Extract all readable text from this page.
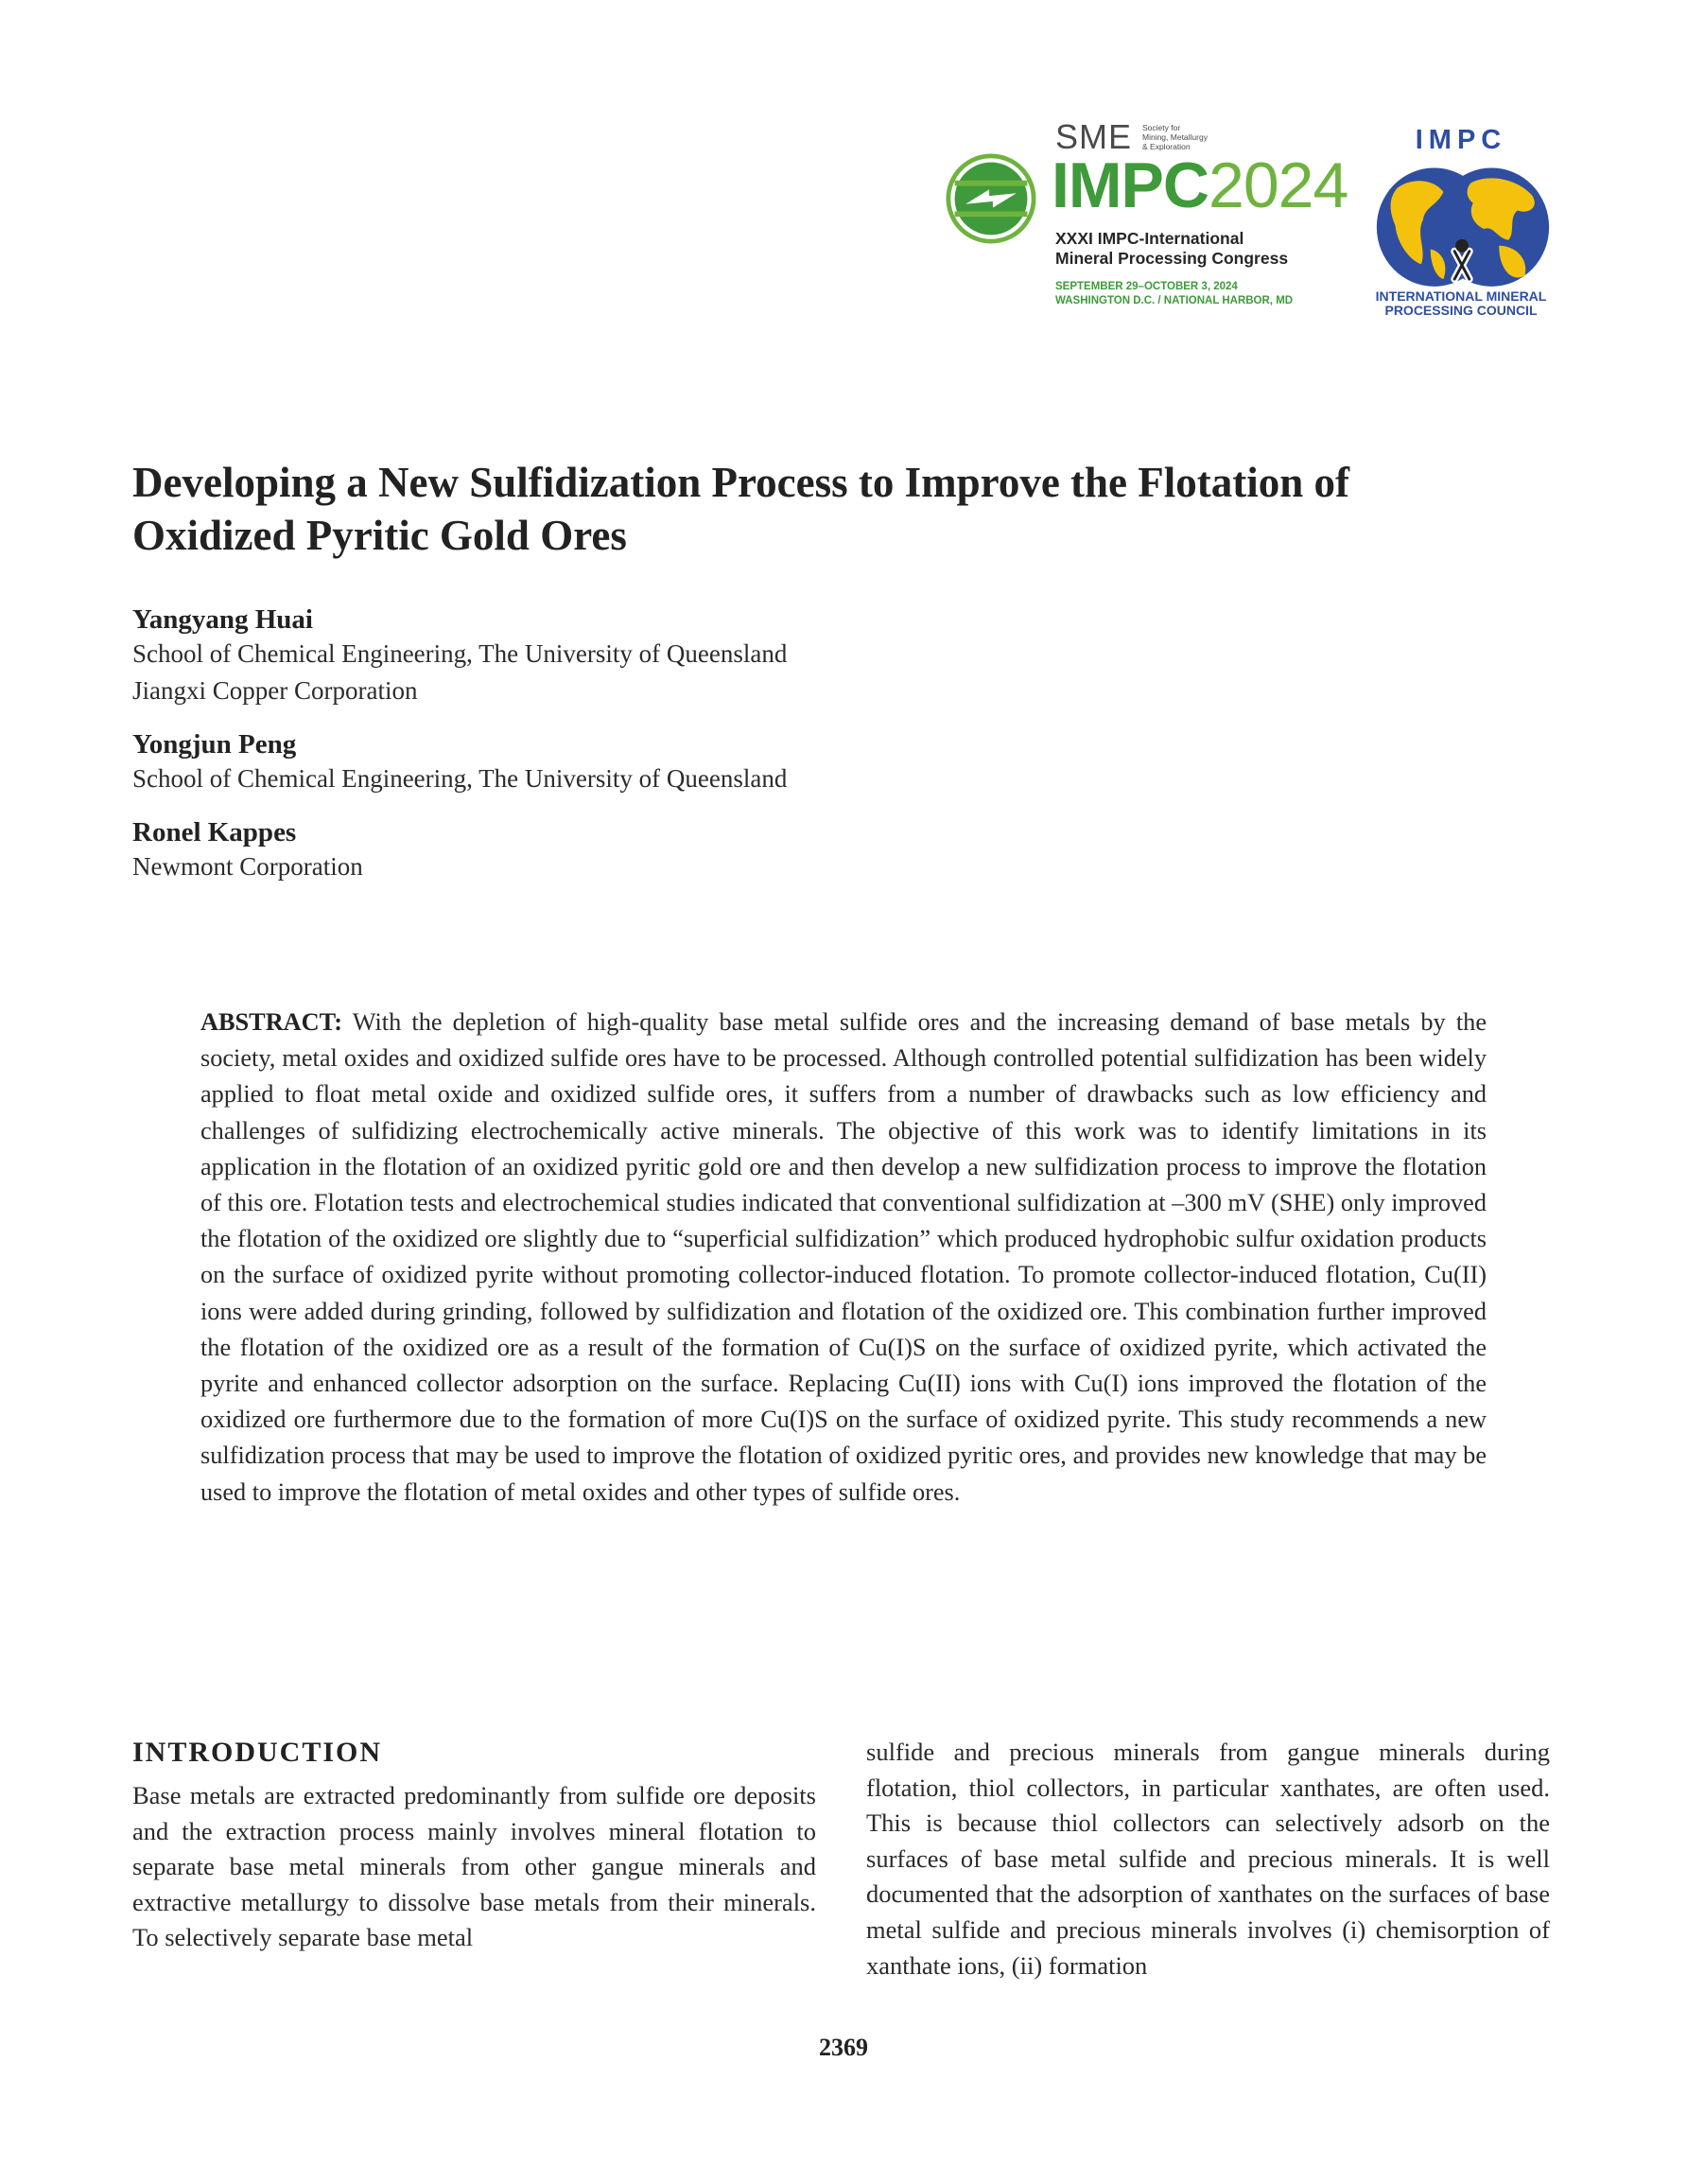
SME Society for
Mining, Metallurgy
& Exploration
IMPC2024
XXXI IMPC-International
Mineral Processing Congress
SEPTEMBER 29–OCTOBER 3, 2024
WASHINGTON D.C. / NATIONAL HARBOR, MD
IMPC
INTERNATIONAL MINERAL
PROCESSING COUNCIL
Developing a New Sulfidization Process to Improve the Flotation of Oxidized Pyritic Gold Ores
Yangyang Huai
School of Chemical Engineering, The University of Queensland
Jiangxi Copper Corporation
Yongjun Peng
School of Chemical Engineering, The University of Queensland
Ronel Kappes
Newmont Corporation

ABSTRACT: With the depletion of high-quality base metal sulfide ores and the increasing demand of base metals by the society, metal oxides and oxidized sulfide ores have to be processed. Although controlled potential sulfidization has been widely applied to float metal oxide and oxidized sulfide ores, it suffers from a number of drawbacks such as low efficiency and challenges of sulfidizing electrochemically active minerals. The objective of this work was to identify limitations in its application in the flotation of an oxidized pyritic gold ore and then develop a new sulfidization process to improve the flotation of this ore. Flotation tests and electrochemical studies indicated that conventional sulfidization at –300 mV (SHE) only improved the flotation of the oxidized ore slightly due to “superficial sulfidization” which produced hydrophobic sulfur oxidation products on the surface of oxidized pyrite without promoting collector-induced flotation. To promote collector-induced flotation, Cu(II) ions were added during grinding, followed by sulfidization and flotation of the oxidized ore. This combination further improved the flotation of the oxidized ore as a result of the formation of Cu(I)S on the surface of oxidized pyrite, which activated the pyrite and enhanced collector adsorption on the surface. Replacing Cu(II) ions with Cu(I) ions improved the flotation of the oxidized ore furthermore due to the formation of more Cu(I)S on the surface of oxidized pyrite. This study recommends a new sulfidization process that may be used to improve the flotation of oxidized pyritic ores, and provides new knowledge that may be used to improve the flotation of metal oxides and other types of sulfide ores.

INTRODUCTION

Base metals are extracted predominantly from sulfide ore deposits and the extraction process mainly involves mineral flotation to separate base metal minerals from other gangue minerals and extractive metallurgy to dissolve base metals from their minerals. To selectively separate base metal

sulfide and precious minerals from gangue minerals during flotation, thiol collectors, in particular xanthates, are often used. This is because thiol collectors can selectively adsorb on the surfaces of base metal sulfide and precious minerals. It is well documented that the adsorption of xanthates on the surfaces of base metal sulfide and precious minerals involves (i) chemisorption of xanthate ions, (ii) formation

2369
